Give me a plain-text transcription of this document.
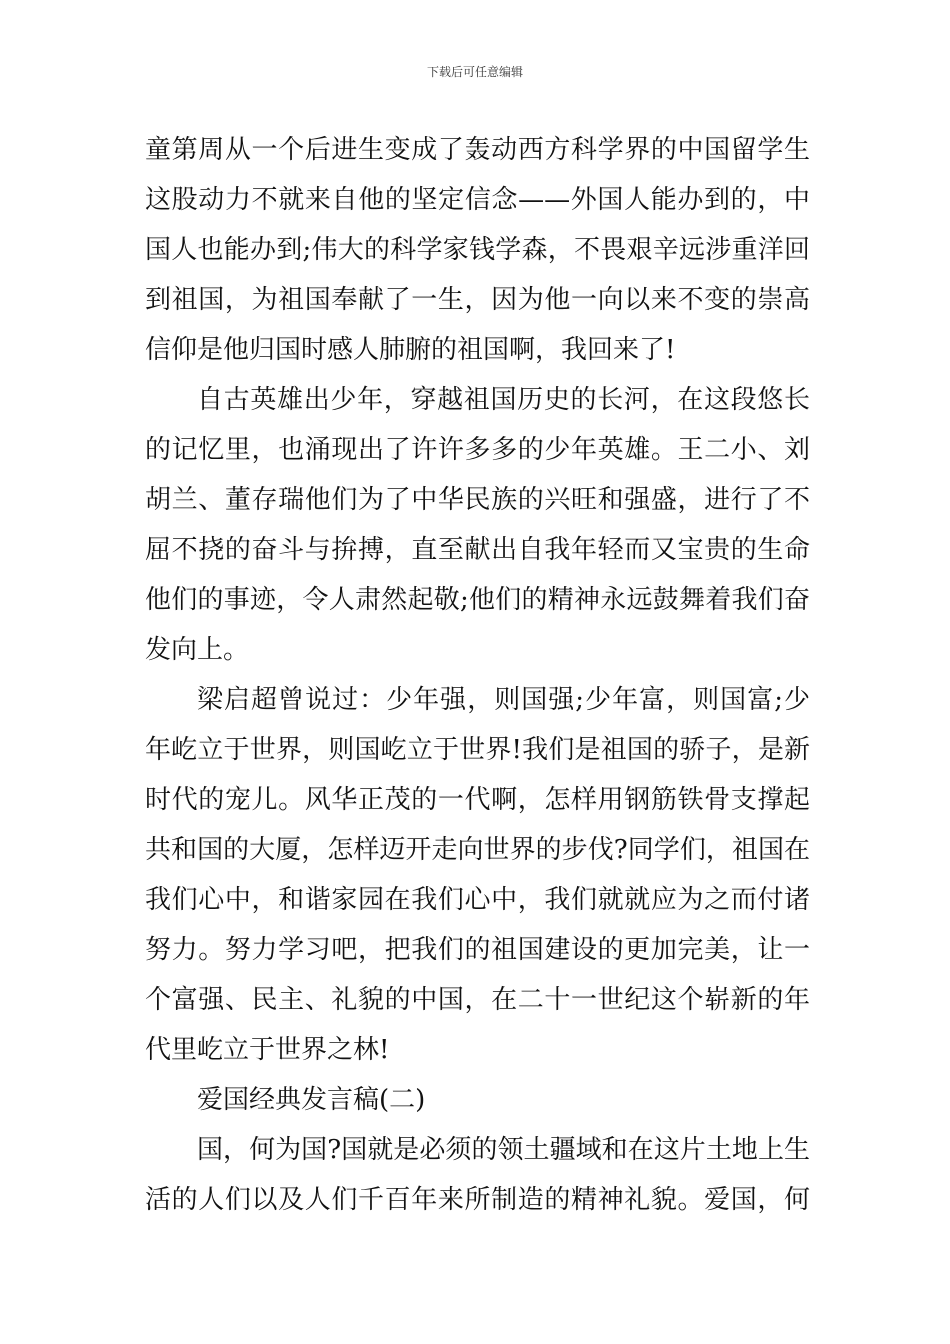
下载后可任意编辑
童第周从一个后进生变成了轰动西方科学界的中国留学生
这股动力不就来自他的坚定信念——外国人能办到的，中
国人也能办到;伟大的科学家钱学森，不畏艰辛远涉重洋回
到祖国，为祖国奉献了一生，因为他一向以来不变的崇高
信仰是他归国时感人肺腑的祖国啊，我回来了!
自古英雄出少年，穿越祖国历史的长河，在这段悠长
的记忆里，也涌现出了许许多多的少年英雄。王二小、刘
胡兰、董存瑞他们为了中华民族的兴旺和强盛，进行了不
屈不挠的奋斗与拚搏，直至献出自我年轻而又宝贵的生命
他们的事迹，令人肃然起敬;他们的精神永远鼓舞着我们奋
发向上。
梁启超曾说过：少年强，则国强;少年富，则国富;少
年屹立于世界，则国屹立于世界!我们是祖国的骄子，是新
时代的宠儿。风华正茂的一代啊，怎样用钢筋铁骨支撑起
共和国的大厦，怎样迈开走向世界的步伐?同学们，祖国在
我们心中，和谐家园在我们心中，我们就就应为之而付诸
努力。努力学习吧，把我们的祖国建设的更加完美，让一
个富强、民主、礼貌的中国，在二十一世纪这个崭新的年
代里屹立于世界之林!
爱国经典发言稿(二)
国，何为国?国就是必须的领土疆域和在这片土地上生
活的人们以及人们千百年来所制造的精神礼貌。爱国，何
